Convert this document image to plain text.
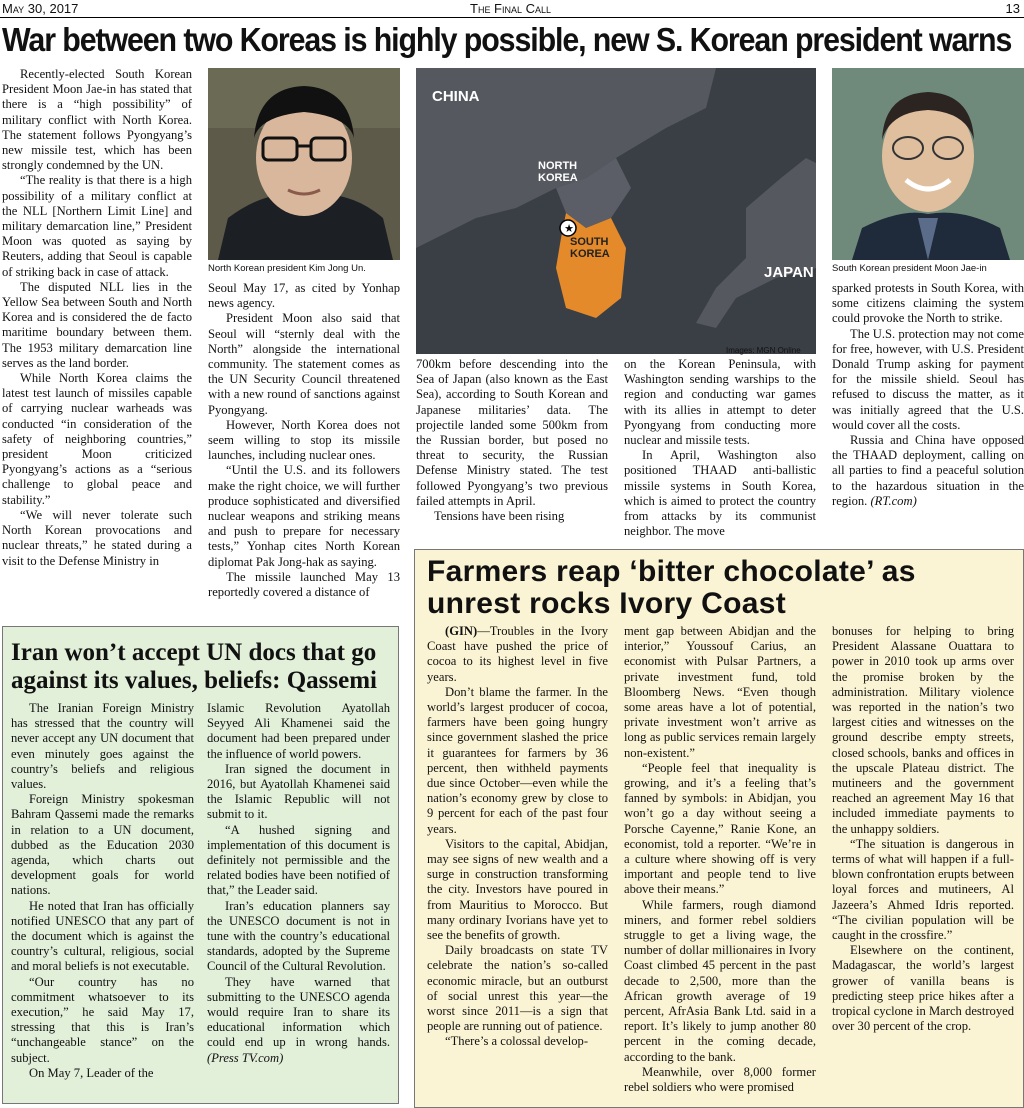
May 30, 2017	The Final Call	13
War between two Koreas is highly possible, new S. Korean president warns

Recently-elected South Korean President Moon Jae-in has stated that there is a “high possibility” of military conflict with North Korea. The statement follows Pyongyang’s new missile test, which has been strongly condemned by the UN.

“The reality is that there is a high possibility of a military conflict at the NLL [Northern Limit Line] and military demarcation line,” President Moon was quoted as saying by Reuters, adding that Seoul is capable of striking back in case of attack.

The disputed NLL lies in the Yellow Sea between South and North Korea and is considered the de facto maritime boundary between them. The 1953 military demarcation line serves as the land border.

While North Korea claims the latest test launch of missiles capable of carrying nuclear warheads was conducted “in consideration of the safety of neighboring countries,” president Moon criticized Pyongyang’s actions as a “serious challenge to global peace and stability.”

“We will never tolerate such North Korean provocations and nuclear threats,” he stated during a visit to the Defense Ministry in

North Korean president Kim Jong Un.

Seoul May 17, as cited by Yonhap news agency.

President Moon also said that Seoul will “sternly deal with the North” alongside the international community. The statement comes as the UN Security Council threatened with a new round of sanctions against Pyongyang.

However, North Korea does not seem willing to stop its missile launches, including nuclear ones.

“Until the U.S. and its followers make the right choice, we will further produce sophisticated and diversified nuclear weapons and striking means and push to prepare for necessary tests,” Yonhap cites North Korean diplomat Pak Jong-hak as saying.

The missile launched May 13 reportedly covered a distance of

★
CHINA
NORTH KOREA
SOUTH KOREA
JAPAN
Images: MGN Online

700km before descending into the Sea of Japan (also known as the East Sea), according to South Korean and Japanese militaries’ data. The projectile landed some 500km from the Russian border, but posed no threat to security, the Russian Defense Ministry stated. The test followed Pyongyang’s two previous failed attempts in April.

Tensions have been rising

on the Korean Peninsula, with Washington sending warships to the region and conducting war games with its allies in attempt to deter Pyongyang from conducting more nuclear and missile tests.

In April, Washington also positioned THAAD anti-ballistic missile systems in South Korea, which is aimed to protect the country from attacks by its communist neighbor. The move

South Korean president Moon Jae-in

sparked protests in South Korea, with some citizens claiming the system could provoke the North to strike.

The U.S. protection may not come for free, however, with U.S. President Donald Trump asking for payment for the missile shield. Seoul has refused to discuss the matter, as it was initially agreed that the U.S. would cover all the costs.

Russia and China have opposed the THAAD deployment, calling on all parties to find a peaceful solution to the hazardous situation in the region. (RT.com)

Iran won’t accept UN docs that go against its values, beliefs: Qassemi

The Iranian Foreign Ministry has stressed that the country will never accept any UN document that even minutely goes against the country’s beliefs and religious values.

Foreign Ministry spokesman Bahram Qassemi made the remarks in relation to a UN document, dubbed as the Education 2030 agenda, which charts out development goals for world nations.

He noted that Iran has officially notified UNESCO that any part of the document which is against the country’s cultural, religious, social and moral beliefs is not executable.

“Our country has no commitment whatsoever to its execution,” he said May 17, stressing that this is Iran’s “unchangeable stance” on the subject.

On May 7, Leader of the

Islamic Revolution Ayatollah Seyyed Ali Khamenei said the document had been prepared under the influence of world powers.

Iran signed the document in 2016, but Ayatollah Khamenei said the Islamic Republic will not submit to it.

“A hushed signing and implementation of this document is definitely not permissible and the related bodies have been notified of that,” the Leader said.

Iran’s education planners say the UNESCO document is not in tune with the country’s educational standards, adopted by the Supreme Council of the Cultural Revolution.

They have warned that submitting to the UNESCO agenda would require Iran to share its educational information which could end up in wrong hands. (Press TV.com)

Farmers reap ‘bitter chocolate’ as unrest rocks Ivory Coast

(GIN)—Troubles in the Ivory Coast have pushed the price of cocoa to its highest level in five years.

Don’t blame the farmer. In the world’s largest producer of cocoa, farmers have been going hungry since government slashed the price it guarantees for farmers by 36 percent, then withheld payments due since October—even while the nation’s economy grew by close to 9 percent for each of the past four years.

Visitors to the capital, Abidjan, may see signs of new wealth and a surge in construction transforming the city. Investors have poured in from Mauritius to Morocco. But many ordinary Ivorians have yet to see the benefits of growth.

Daily broadcasts on state TV celebrate the nation’s so-called economic miracle, but an outburst of social unrest this year—the worst since 2011—is a sign that people are running out of patience.

“There’s a colossal develop-

ment gap between Abidjan and the interior,” Youssouf Carius, an economist with Pulsar Partners, a private investment fund, told Bloomberg News. “Even though some areas have a lot of potential, private investment won’t arrive as long as public services remain largely non-existent.”

“People feel that inequality is growing, and it’s a feeling that’s fanned by symbols: in Abidjan, you won’t go a day without seeing a Porsche Cayenne,” Ranie Kone, an economist, told a reporter. “We’re in a culture where showing off is very important and people tend to live above their means.”

While farmers, rough diamond miners, and former rebel soldiers struggle to get a living wage, the number of dollar millionaires in Ivory Coast climbed 45 percent in the past decade to 2,500, more than the African growth average of 19 percent, AfrAsia Bank Ltd. said in a report. It’s likely to jump another 80 percent in the coming decade, according to the bank.

Meanwhile, over 8,000 former rebel soldiers who were promised

bonuses for helping to bring President Alassane Ouattara to power in 2010 took up arms over the promise broken by the administration. Military violence was reported in the nation’s two largest cities and witnesses on the ground describe empty streets, closed schools, banks and offices in the upscale Plateau district. The mutineers and the government reached an agreement May 16 that included immediate payments to the unhappy soldiers.

“The situation is dangerous in terms of what will happen if a full-blown confrontation erupts between loyal forces and mutineers, Al Jazeera’s Ahmed Idris reported. “The civilian population will be caught in the crossfire.”

Elsewhere on the continent, Madagascar, the world’s largest grower of vanilla beans is predicting steep price hikes after a tropical cyclone in March destroyed over 30 percent of the crop.
